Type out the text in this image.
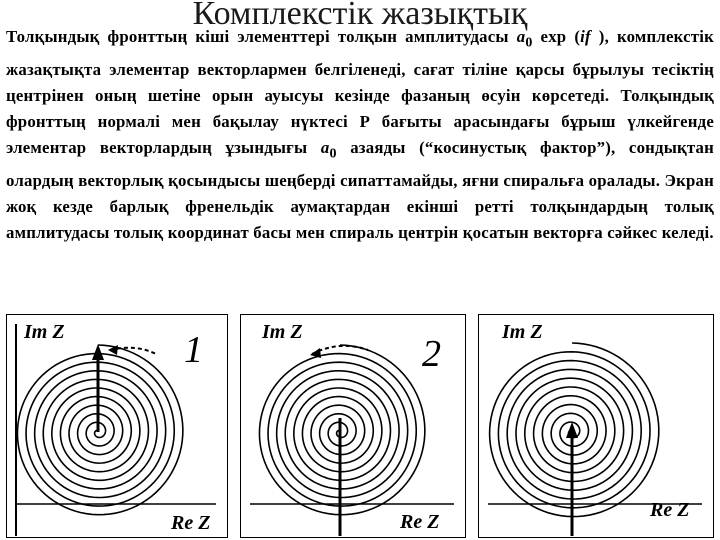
Комплекстік жазықтық
Толқындық фронттың кіші элементтері толқын амплитудасы $a_0$ exp (if ), комплекстік жазақтықта элементар векторлармен белгіленеді, сағат тіліне қарсы бұрылуы тесіктің центрінен оның шетіне орын ауысуы кезінде фазаның өсуін көрсетеді. Толқындық фронттың нормалі мен бақылау нүктесі Р бағыты арасындағы бұрыш үлкейгенде элементар векторлардың ұзындығы $a_0$ азаяды (“косинустық фактор”), сондықтан олардың векторлық қосындысы шеңберді сипаттамайды, яғни спиральға оралады. Экран жоқ кезде барлық френельдік аумақтардан екінші ретті толқындардың толық амплитудасы толық координат басы мен спираль центрін қосатын векторға сәйкес келеді.
Im Z
Re Z
1	Im Z
Re Z
2
Im Z
Re Z
